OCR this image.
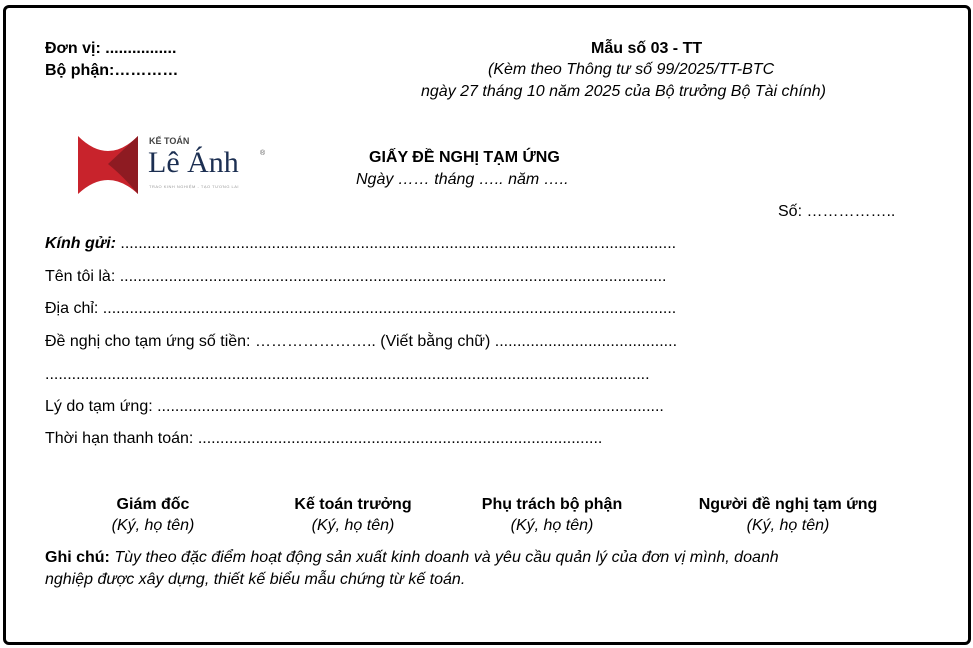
Đơn vị: ................
Bộ phận:…………
Mẫu số 03 - TT
(Kèm theo Thông tư số 99/2025/TT-BTC
ngày 27 tháng 10 năm 2025 của Bộ trưởng Bộ Tài chính)
KẾ TOÁN
Lê Ánh	®
TRAO KINH NGHIỆM - TẠO TƯƠNG LAI
GIẤY ĐỀ NGHỊ TẠM ỨNG
Ngày …… tháng ….. năm …..
Số: ……………..
Kính gửi: .............................................................................................................................
Tên tôi là: ...........................................................................................................................
Địa chỉ: .................................................................................................................................
Đề nghị cho tạm ứng số tiền: ………………….. (Viết bằng chữ) .........................................
........................................................................................................................................
Lý do tạm ứng: ..................................................................................................................
Thời hạn thanh toán: ...........................................................................................
Giám đốc
(Ký, họ tên)
Kế toán trưởng
(Ký, họ tên)
Phụ trách bộ phận
(Ký, họ tên)
Người đề nghị tạm ứng
(Ký, họ tên)
Ghi chú: Tùy theo đặc điểm hoạt động sản xuất kinh doanh và yêu cầu quản lý của đơn vị mình, doanh
nghiệp được xây dựng, thiết kế biểu mẫu chứng từ kế toán.
